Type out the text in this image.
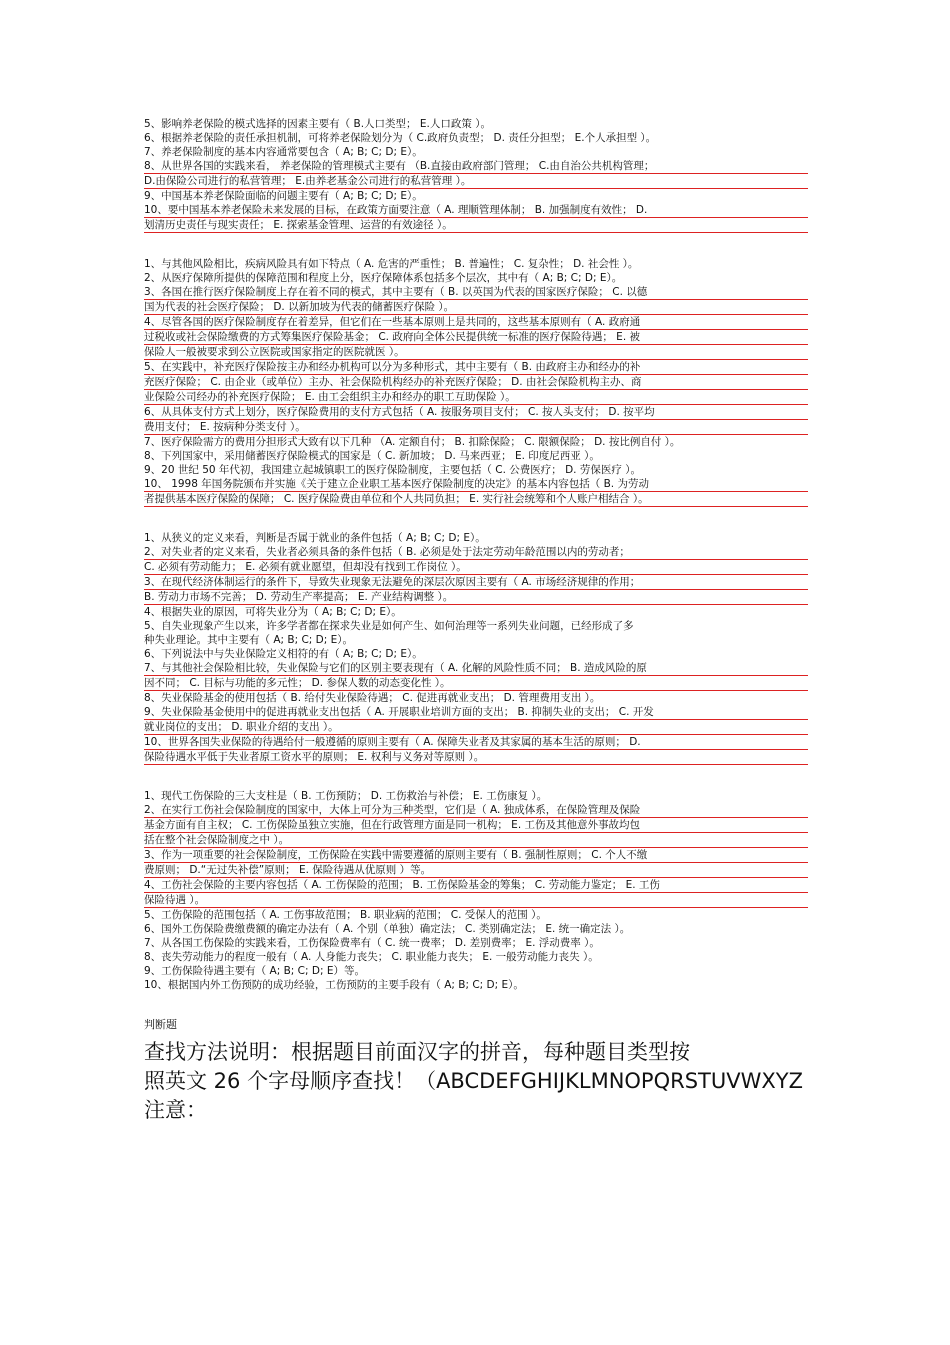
5、影响养老保险的模式选择的因素主要有（ B.人口类型； E.人口政策 ）。
6、根据养老保险的责任承担机制，可将养老保险划分为（ C.政府负责型； D. 责任分担型； E.个人承担型 ）。
7、养老保险制度的基本内容通常要包含（ A; B; C; D; E）。
8、从世界各国的实践来看， 养老保险的管理模式主要有 （B.直接由政府部门管理； C.由自治公共机构管理；
D.由保险公司进行的私营管理； E.由养老基金公司进行的私营管理 ）。
9、中国基本养老保险面临的问题主要有（ A; B; C; D; E）。
10、要中国基本养老保险未来发展的目标，在政策方面要注意（ A. 理顺管理体制； B. 加强制度有效性； D.
划清历史责任与现实责任； E. 探索基金管理、运营的有效途径 ）。
1、与其他风险相比，疾病风险具有如下特点（ A. 危害的严重性； B. 普遍性； C. 复杂性； D. 社会性 ）。
2、从医疗保障所提供的保障范围和程度上分，医疗保障体系包括多个层次，其中有（ A; B; C; D; E）。
3、各国在推行医疗保险制度上存在着不同的模式，其中主要有（ B. 以英国为代表的国家医疗保险； C. 以德
国为代表的社会医疗保险； D. 以新加坡为代表的储蓄医疗保险 ）。
4、尽管各国的医疗保险制度存在着差异，但它们在一些基本原则上是共同的，这些基本原则有（ A. 政府通
过税收或社会保险缴费的方式筹集医疗保险基金； C. 政府向全体公民提供统一标准的医疗保险待遇； E. 被
保险人一般被要求到公立医院或国家指定的医院就医 ）。
5、在实践中，补充医疗保险按主办和经办机构可以分为多种形式，其中主要有（ B. 由政府主办和经办的补
充医疗保险； C. 由企业（或单位）主办、社会保险机构经办的补充医疗保险； D. 由社会保险机构主办、商
业保险公司经办的补充医疗保险； E. 由工会组织主办和经办的职工互助保险 ）。
6、从具体支付方式上划分，医疗保险费用的支付方式包括（ A. 按服务项目支付； C. 按人头支付； D. 按平均
费用支付； E. 按病种分类支付 ）。
7、医疗保险需方的费用分担形式大致有以下几种 （A. 定额自付； B. 扣除保险； C. 限额保险； D. 按比例自付 ）。
8、下列国家中，采用储蓄医疗保险模式的国家是（ C. 新加坡； D. 马来西亚； E. 印度尼西亚 ）。
9、20 世纪 50 年代初，我国建立起城镇职工的医疗保险制度，主要包括（ C. 公费医疗； D. 劳保医疗 ）。
10、 1998 年国务院颁布并实施《关于建立企业职工基本医疗保险制度的决定》的基本内容包括（ B. 为劳动
者提供基本医疗保险的保障； C. 医疗保险费由单位和个人共同负担； E. 实行社会统筹和个人账户相结合 ）。
1、从狭义的定义来看，判断是否属于就业的条件包括（ A; B; C; D; E）。
2、对失业者的定义来看，失业者必须具备的条件包括（ B. 必须是处于法定劳动年龄范围以内的劳动者；
C. 必须有劳动能力； E. 必须有就业愿望，但却没有找到工作岗位 ）。
3、在现代经济体制运行的条件下，导致失业现象无法避免的深层次原因主要有（ A. 市场经济规律的作用；
B. 劳动力市场不完善； D. 劳动生产率提高； E. 产业结构调整 ）。
4、根据失业的原因，可将失业分为（ A; B; C; D; E）。
5、自失业现象产生以来，许多学者都在探求失业是如何产生、如何治理等一系列失业问题，已经形成了多
种失业理论。其中主要有（ A; B; C; D; E）。
6、下列说法中与失业保险定义相符的有（ A; B; C; D; E）。
7、与其他社会保险相比较，失业保险与它们的区别主要表现有（ A. 化解的风险性质不同； B. 造成风险的原
因不同； C. 目标与功能的多元性； D. 参保人数的动态变化性 ）。
8、失业保险基金的使用包括（ B. 给付失业保险待遇； C. 促进再就业支出； D. 管理费用支出 ）。
9、失业保险基金使用中的促进再就业支出包括（ A. 开展职业培训方面的支出； B. 抑制失业的支出； C. 开发
就业岗位的支出； D. 职业介绍的支出 ）。
10、世界各国失业保险的待遇给付一般遵循的原则主要有（ A. 保障失业者及其家属的基本生活的原则； D.
保险待遇水平低于失业者原工资水平的原则； E. 权利与义务对等原则 ）。
1、现代工伤保险的三大支柱是（ B. 工伤预防； D. 工伤救治与补偿； E. 工伤康复 ）。
2、在实行工伤社会保险制度的国家中，大体上可分为三种类型，它们是（ A. 独成体系，在保险管理及保险
基金方面有自主权； C. 工伤保险虽独立实施，但在行政管理方面是同一机构； E. 工伤及其他意外事故均包
括在整个社会保险制度之中 ）。
3、作为一项重要的社会保险制度，工伤保险在实践中需要遵循的原则主要有（ B. 强制性原则； C. 个人不缴
费原则； D.“无过失补偿”原则； E. 保险待遇从优原则 ）等。
4、工伤社会保险的主要内容包括（ A. 工伤保险的范围； B. 工伤保险基金的筹集； C. 劳动能力鉴定； E. 工伤
保险待遇 ）。
5、工伤保险的范围包括（ A. 工伤事故范围； B. 职业病的范围； C. 受保人的范围 ）。
6、国外工伤保险费缴费额的确定办法有（ A. 个别（单独）确定法； C. 类别确定法； E. 统一确定法 ）。
7、从各国工伤保险的实践来看，工伤保险费率有（ C. 统一费率； D. 差别费率； E. 浮动费率 ）。
8、丧失劳动能力的程度一般有（ A. 人身能力丧失； C. 职业能力丧失； E. 一般劳动能力丧失 ）。
9、工伤保险待遇主要有（ A; B; C; D; E）等。
10、根据国内外工伤预防的成功经验，工伤预防的主要手段有（ A; B; C; D; E）。
判断题
查找方法说明：根据题目前面汉字的拼音，每种题目类型按
照英文 26 个字母顺序查找！（ABCDEFGHIJKLMNOPQRSTUVWXYZ
注意：
